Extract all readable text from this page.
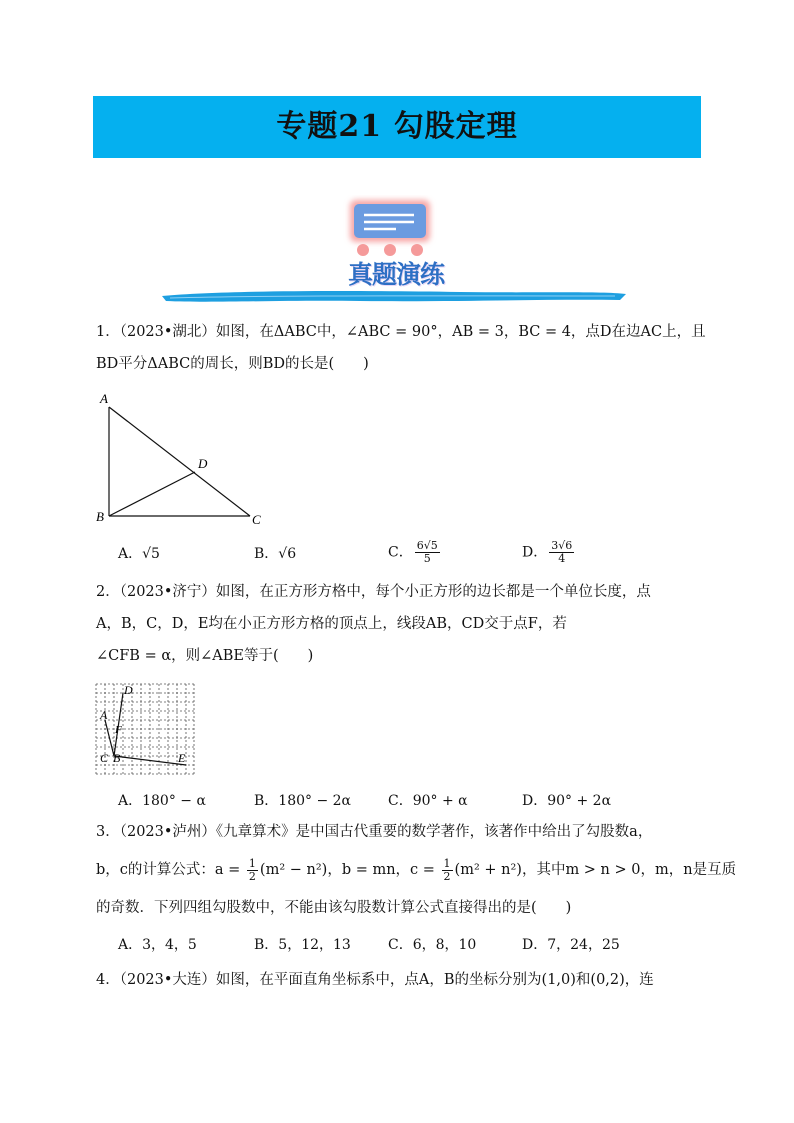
专题21 勾股定理
真题演练
1．（2023•湖北）如图，在ΔABC中，∠ABC = 90°，AB = 3，BC = 4，点D在边AC上，且
BD平分ΔABC的周长，则BD的长是(　　)
A
B	C
D
A．√5	B．√6	C． $\frac{6√5}{5}$	D． $\frac{3√6}{4}$
2．（2023•济宁）如图，在正方形方格中，每个小正方形的边长都是一个单位长度，点
A，B，C，D，E均在小正方形方格的顶点上，线段AB，CD交于点F，若
∠CFB = α，则∠ABE等于(　　)
D
A
F
C B	E
A．180° − α	B．180° − 2α	C．90° + α	D．90° + 2α
3．（2023•泸州）《九章算术》是中国古代重要的数学著作，该著作中给出了勾股数a，
b，c的计算公式：$a = \frac{1}{2} (m^2 - n^2)$，b = mn，$c = \frac{1}{2} (m^2 + n^2)$，其中m > n > 0，m，n是互质
的奇数．下列四组勾股数中，不能由该勾股数计算公式直接得出的是(　　)
A．3，4，5	B．5，12，13	C．6，8，10	D．7，24，25
4．（2023•大连）如图，在平面直角坐标系中，点A，B的坐标分别为(1,0)和(0,2)，连
